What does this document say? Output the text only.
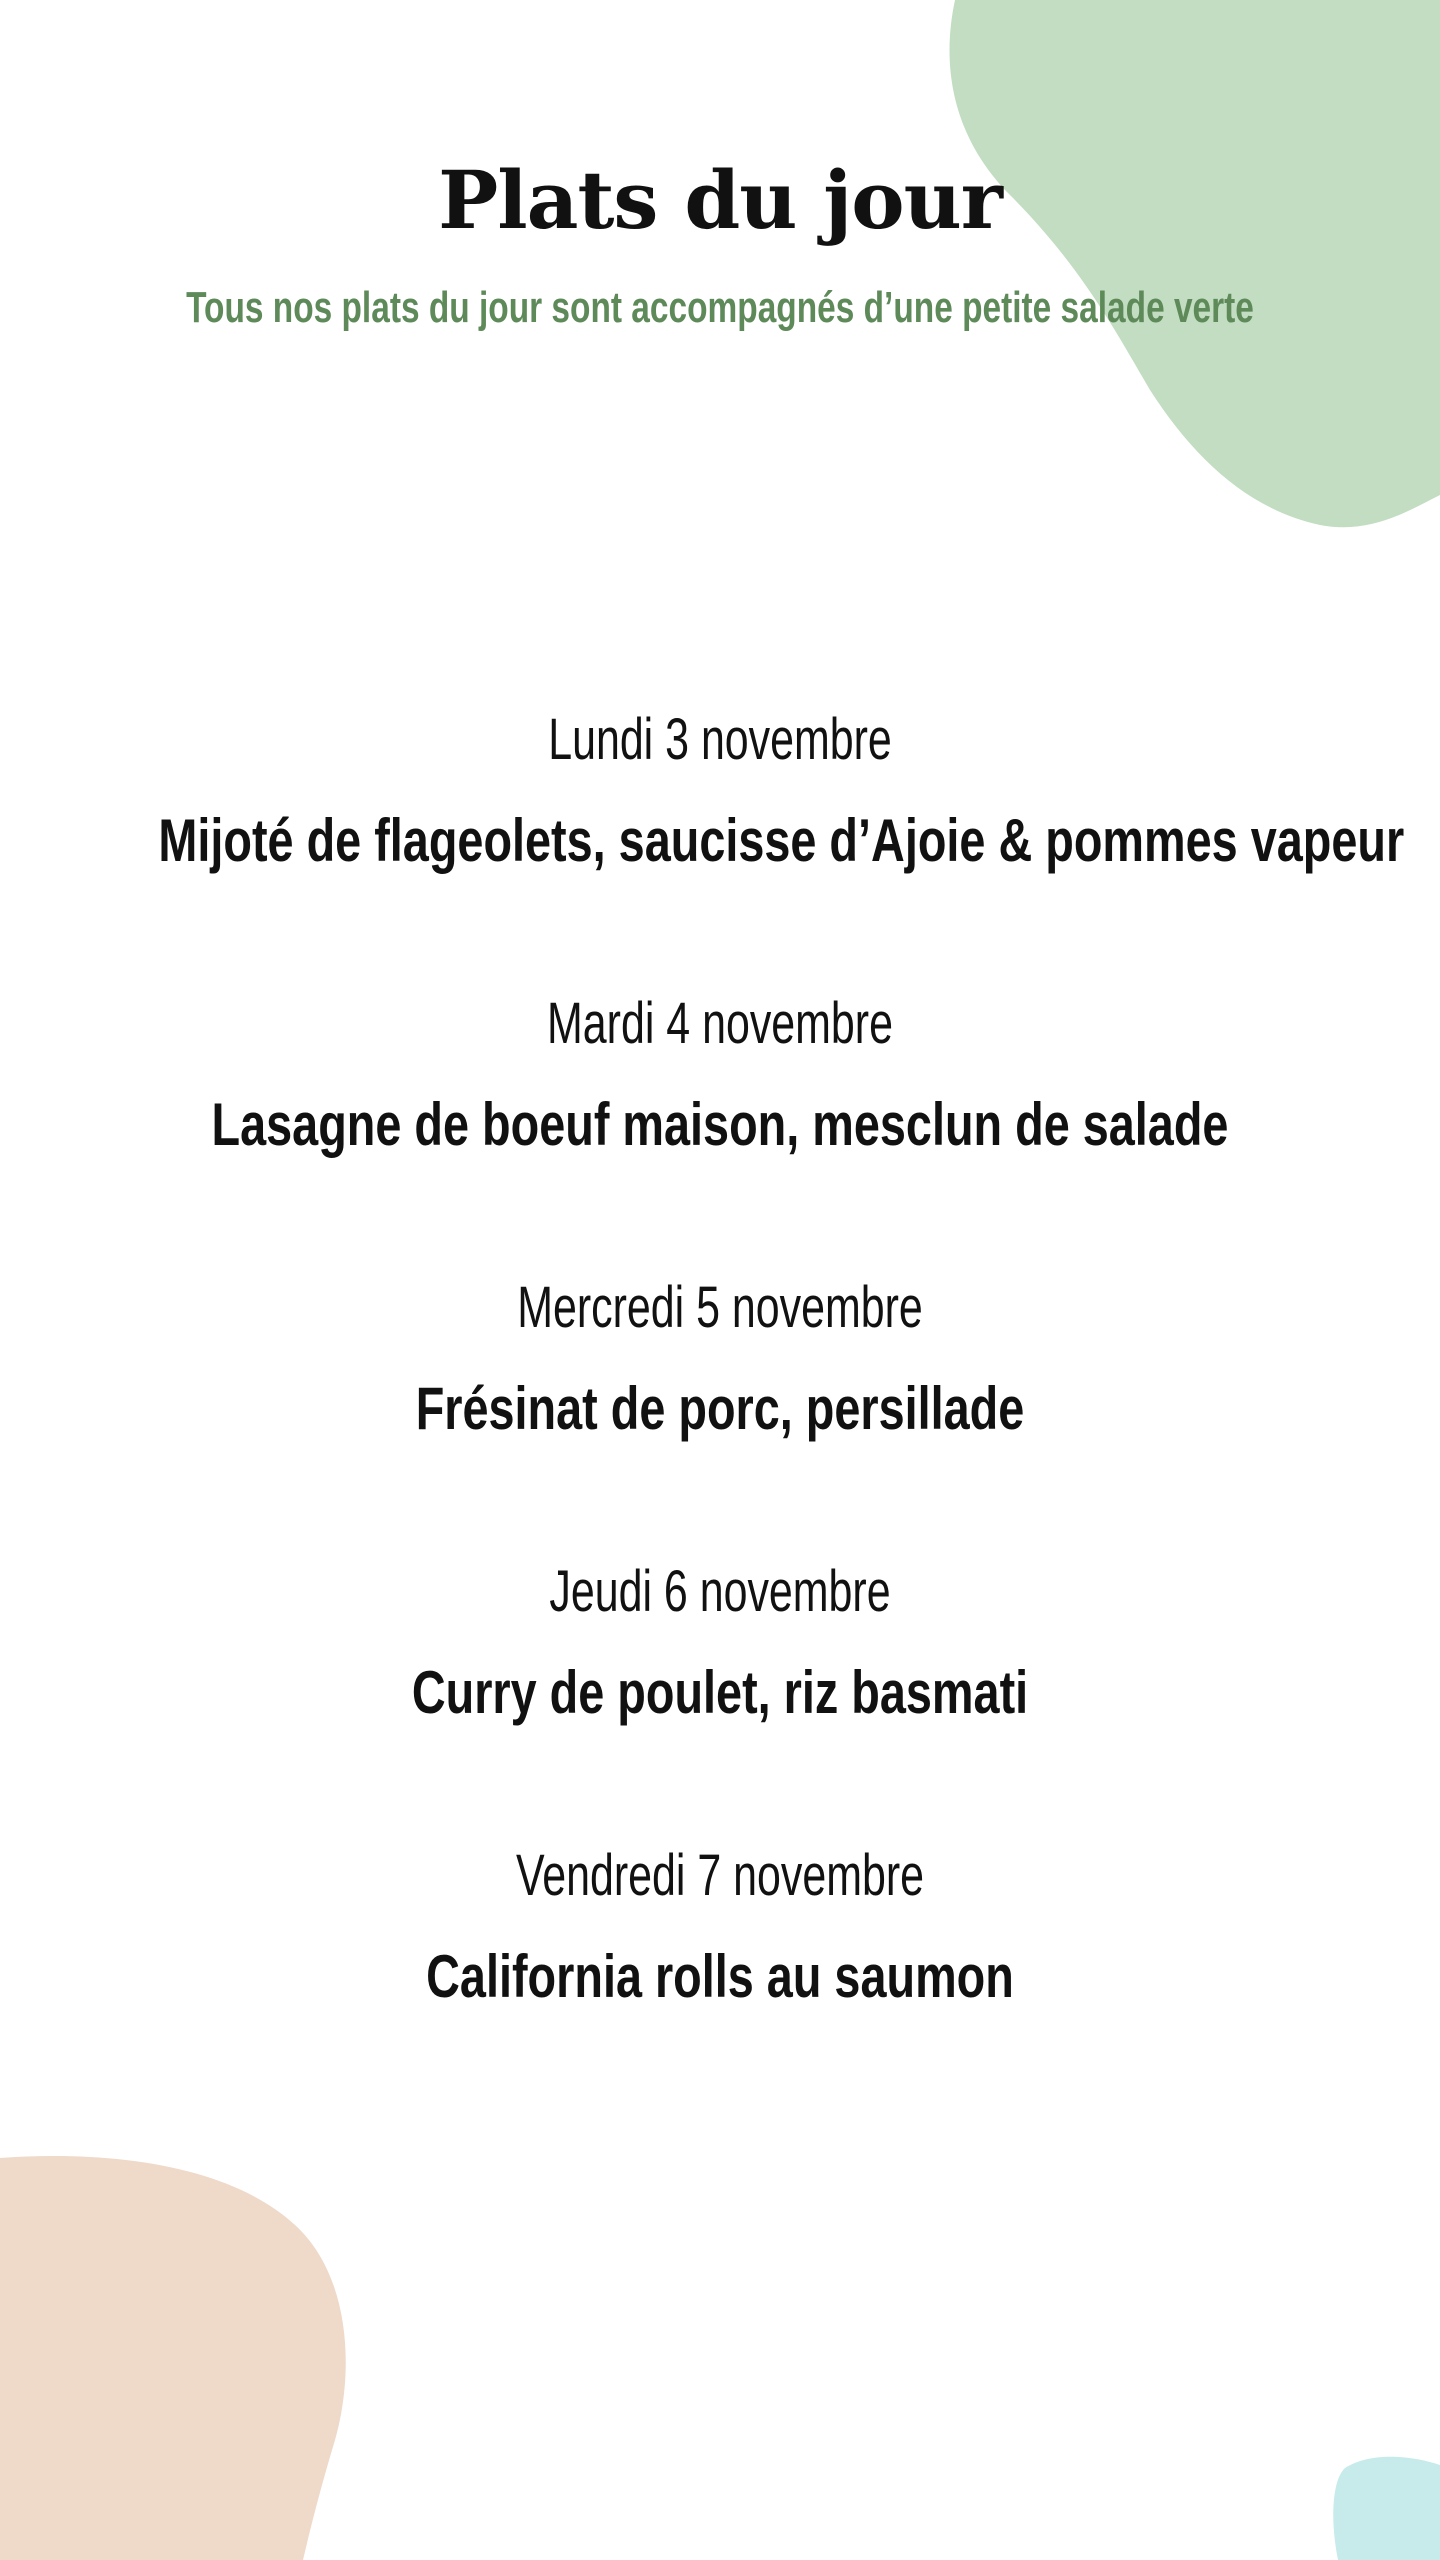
Plats du jour
Tous nos plats du jour sont accompagnés d’une petite salade verte
Lundi 3 novembre
Mijoté de flageolets, saucisse d’Ajoie & pommes vapeur
Mardi 4 novembre
Lasagne de boeuf maison, mesclun de salade
Mercredi 5 novembre
Frésinat de porc, persillade
Jeudi 6 novembre
Curry de poulet, riz basmati
Vendredi 7 novembre
California rolls au saumon
